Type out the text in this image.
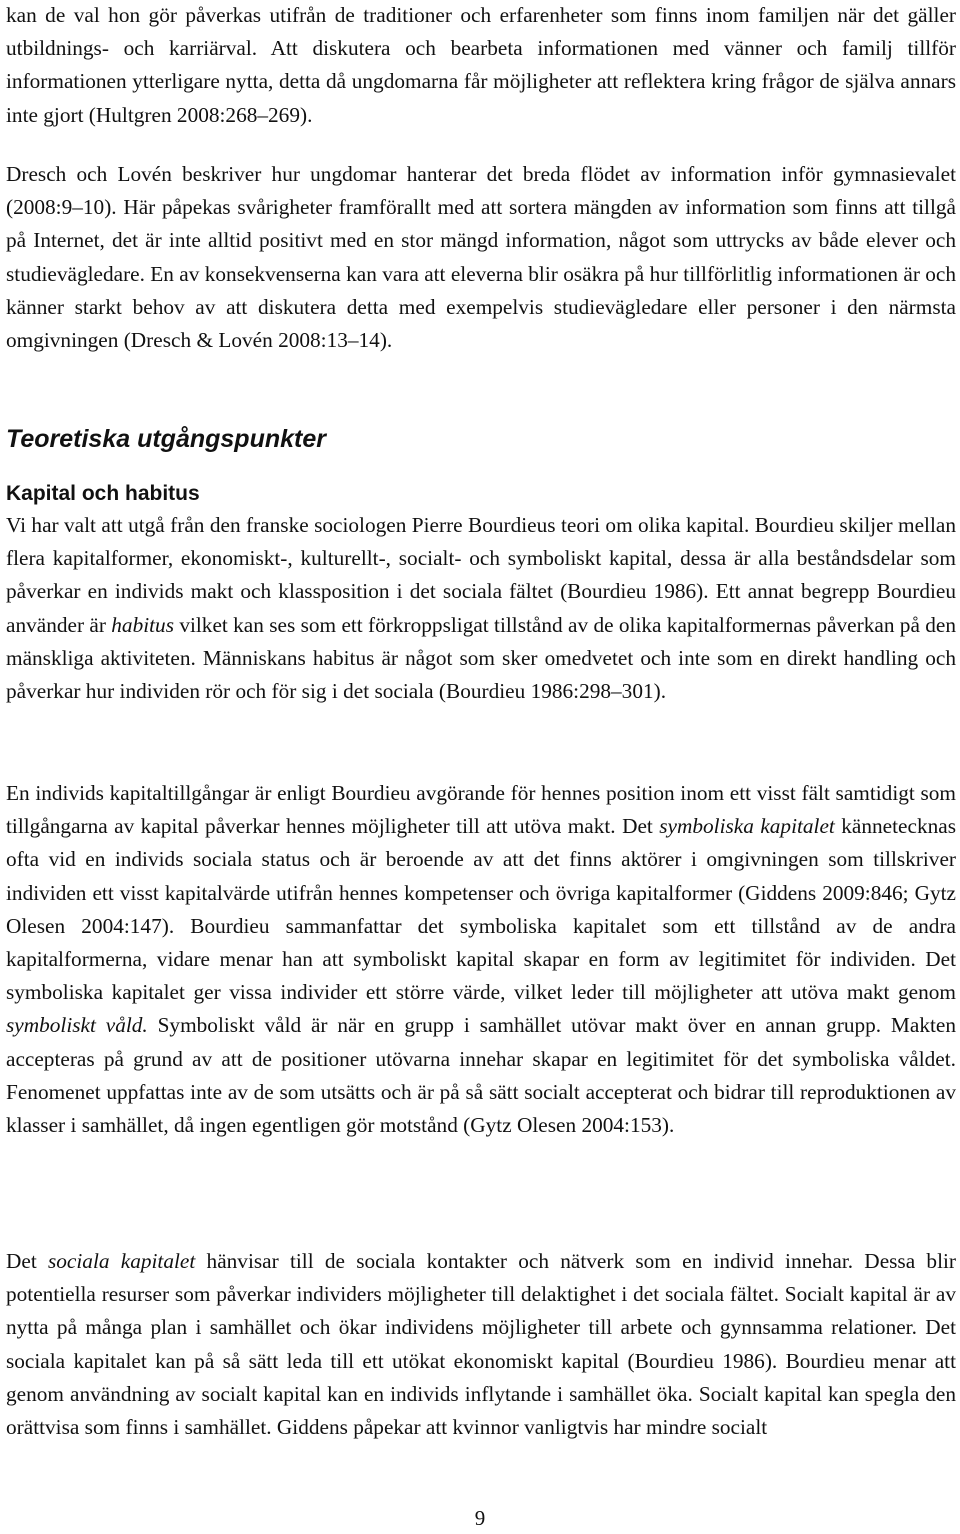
kan de val hon gör påverkas utifrån de traditioner och erfarenheter som finns inom familjen när det gäller utbildnings- och karriärval. Att diskutera och bearbeta informationen med vänner och familj tillför informationen ytterligare nytta, detta då ungdomarna får möjligheter att reflektera kring frågor de själva annars inte gjort (Hultgren 2008:268–269).

Dresch och Lovén beskriver hur ungdomar hanterar det breda flödet av information inför gymnasievalet (2008:9–10). Här påpekas svårigheter framförallt med att sortera mängden av information som finns att tillgå på Internet, det är inte alltid positivt med en stor mängd information, något som uttrycks av både elever och studievägledare. En av konsekvenserna kan vara att eleverna blir osäkra på hur tillförlitlig informationen är och känner starkt behov av att diskutera detta med exempelvis studievägledare eller personer i den närmsta omgivningen (Dresch & Lovén 2008:13–14).

Teoretiska utgångspunkter
Kapital och habitus

Vi har valt att utgå från den franske sociologen Pierre Bourdieus teori om olika kapital. Bourdieu skiljer mellan flera kapitalformer, ekonomiskt-, kulturellt-, socialt- och symboliskt kapital, dessa är alla beståndsdelar som påverkar en individs makt och klassposition i det sociala fältet (Bourdieu 1986). Ett annat begrepp Bourdieu använder är habitus vilket kan ses som ett förkroppsligat tillstånd av de olika kapitalformernas påverkan på den mänskliga aktiviteten. Människans habitus är något som sker omedvetet och inte som en direkt handling och påverkar hur individen rör och för sig i det sociala (Bourdieu 1986:298–301).

En individs kapitaltillgångar är enligt Bourdieu avgörande för hennes position inom ett visst fält samtidigt som tillgångarna av kapital påverkar hennes möjligheter till att utöva makt. Det symboliska kapitalet kännetecknas ofta vid en individs sociala status och är beroende av att det finns aktörer i omgivningen som tillskriver individen ett visst kapitalvärde utifrån hennes kompetenser och övriga kapitalformer (Giddens 2009:846; Gytz Olesen 2004:147). Bourdieu sammanfattar det symboliska kapitalet som ett tillstånd av de andra kapitalformerna, vidare menar han att symboliskt kapital skapar en form av legitimitet för individen. Det symboliska kapitalet ger vissa individer ett större värde, vilket leder till möjligheter att utöva makt genom symboliskt våld. Symboliskt våld är när en grupp i samhället utövar makt över en annan grupp. Makten accepteras på grund av att de positioner utövarna innehar skapar en legitimitet för det symboliska våldet. Fenomenet uppfattas inte av de som utsätts och är på så sätt socialt accepterat och bidrar till reproduktionen av klasser i samhället, då ingen egentligen gör motstånd (Gytz Olesen 2004:153).

Det sociala kapitalet hänvisar till de sociala kontakter och nätverk som en individ innehar. Dessa blir potentiella resurser som påverkar individers möjligheter till delaktighet i det sociala fältet. Socialt kapital är av nytta på många plan i samhället och ökar individens möjligheter till arbete och gynnsamma relationer. Det sociala kapitalet kan på så sätt leda till ett utökat ekonomiskt kapital (Bourdieu 1986). Bourdieu menar att genom användning av socialt kapital kan en individs inflytande i samhället öka. Socialt kapital kan spegla den orättvisa som finns i samhället. Giddens påpekar att kvinnor vanligtvis har mindre socialt

9
